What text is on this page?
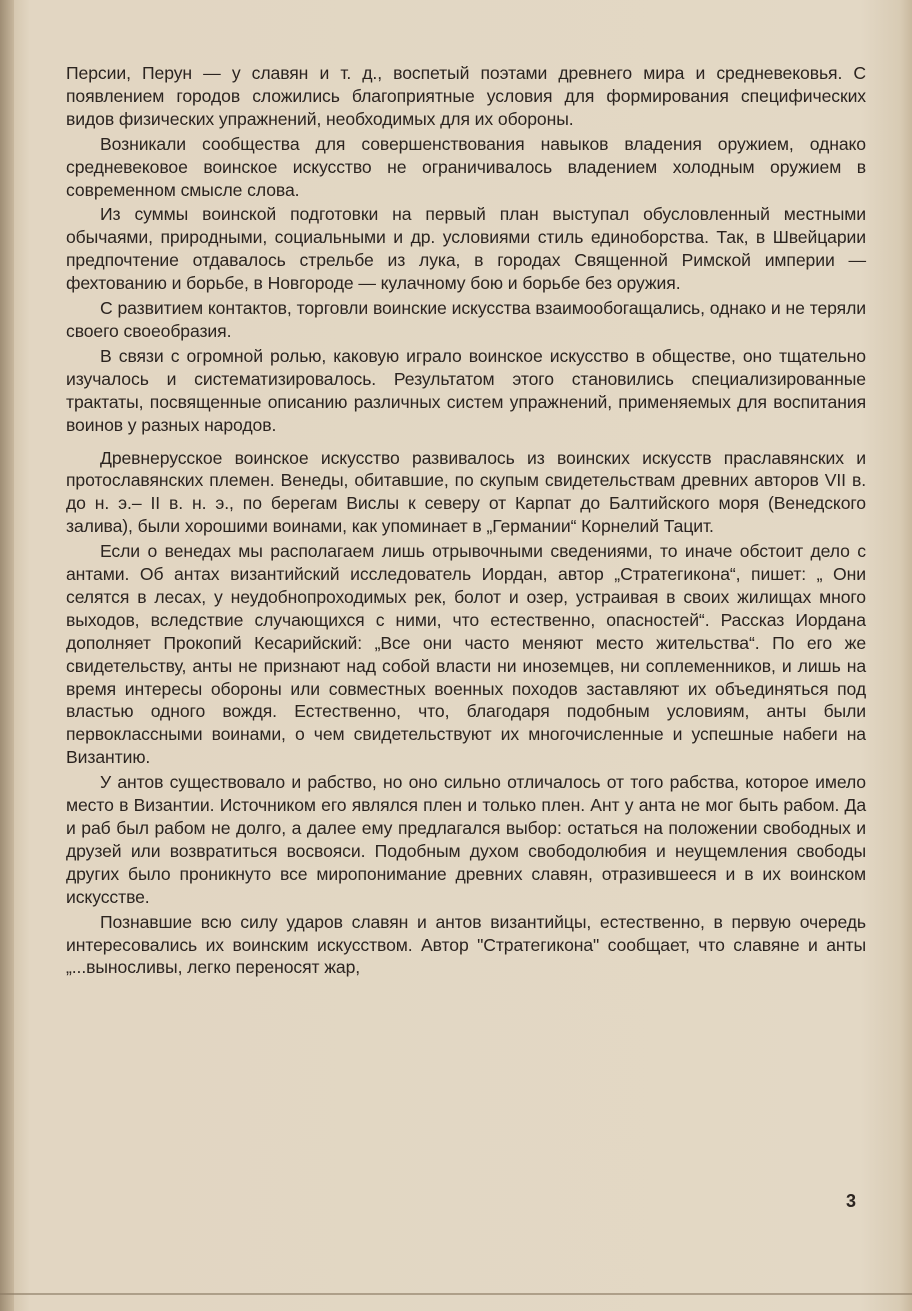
Персии, Перун — у славян и т. д., воспетый поэтами древнего мира и средневековья. С появлением городов сложились благоприятные условия для формирования специфических видов физических упражнений, необходимых для их обороны.

Возникали сообщества для совершенствования навыков владения оружием, однако средневековое воинское искусство не ограничивалось владением холодным оружием в современном смысле слова.

Из суммы воинской подготовки на первый план выступал обусловленный местными обычаями, природными, социальными и др. условиями стиль единоборства. Так, в Швейцарии предпочтение отдавалось стрельбе из лука, в городах Священной Римской империи — фехтованию и борьбе, в Новгороде — кулачному бою и борьбе без оружия.

С развитием контактов, торговли воинские искусства взаимообогащались, однако и не теряли своего своеобразия.

В связи с огромной ролью, каковую играло воинское искусство в обществе, оно тщательно изучалось и систематизировалось. Результатом этого становились специализированные трактаты, посвященные описанию различных систем упражнений, применяемых для воспитания воинов у разных народов.

Древнерусское воинское искусство развивалось из воинских искусств праславянских и протославянских племен. Венеды, обитавшие, по скупым свидетельствам древних авторов VII в. до н. э.– II в. н. э., по берегам Вислы к северу от Карпат до Балтийского моря (Венедского залива), были хорошими воинами, как упоминает в „Германии“ Корнелий Тацит.

Если о венедах мы располагаем лишь отрывочными сведениями, то иначе обстоит дело с антами. Об антах византийский исследователь Иордан, автор „Стратегикона“, пишет: „ Они селятся в лесах, у неудобнопроходимых рек, болот и озер, устраивая в своих жилищах много выходов, вследствие случающихся с ними, что естественно, опасностей“. Рассказ Иордана дополняет Прокопий Кесарийский: „Все они часто меняют место жительства“. По его же свидетельству, анты не признают над собой власти ни иноземцев, ни соплеменников, и лишь на время интересы обороны или совместных военных походов заставляют их объединяться под властью одного вождя. Естественно, что, благодаря подобным условиям, анты были первоклассными воинами, о чем свидетельствуют их многочисленные и успешные набеги на Византию.

У антов существовало и рабство, но оно сильно отличалось от того рабства, которое имело место в Византии. Источником его являлся плен и только плен. Ант у анта не мог быть рабом. Да и раб был рабом не долго, а далее ему предлагался выбор: остаться на положении свободных и друзей или возвратиться восвояси. Подобным духом свободолюбия и неущемления свободы других было проникнуто все миропонимание древних славян, отразившееся и в их воинском искусстве.

Познавшие всю силу ударов славян и антов византийцы, естественно, в первую очередь интересовались их воинским искусством. Автор "Стратегикона" сообщает, что славяне и анты „...выносливы, легко переносят жар,

3
